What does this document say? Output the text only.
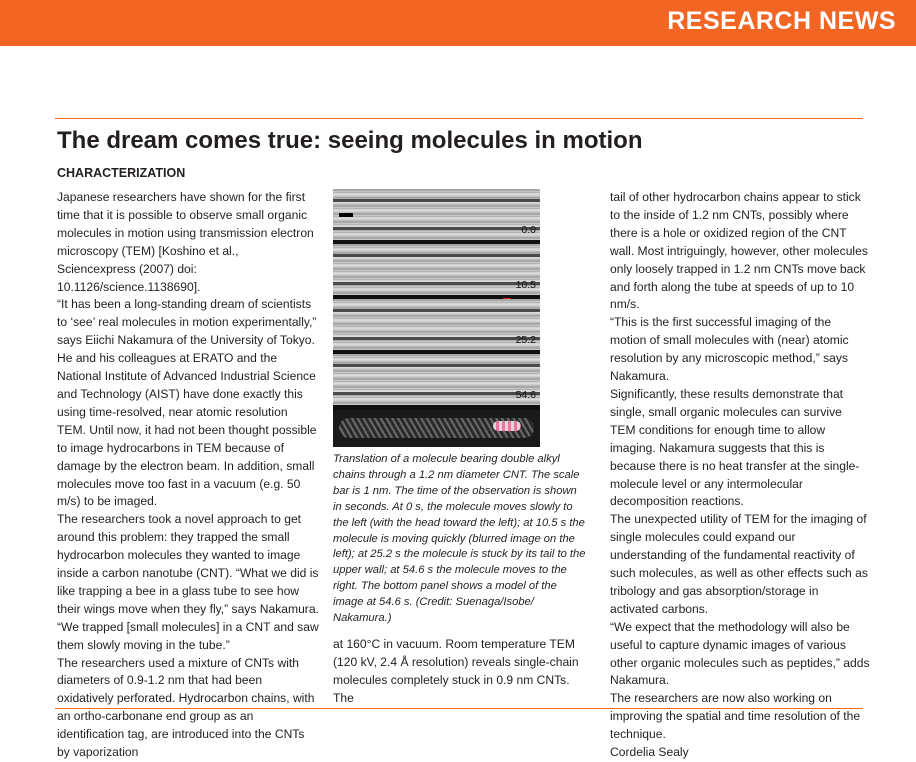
RESEARCH NEWS
The dream comes true: seeing molecules in motion
CHARACTERIZATION

Japanese researchers have shown for the first time that it is possible to observe small organic molecules in motion using transmission electron microscopy (TEM) [Koshino et al., Sciencexpress (2007) doi: 10.1126/science.1138690].

“It has been a long-standing dream of scientists to ‘see’ real molecules in motion experimentally,” says Eiichi Nakamura of the University of Tokyo. He and his colleagues at ERATO and the National Institute of Advanced Industrial Science and Technology (AIST) have done exactly this using time-resolved, near atomic resolution TEM. Until now, it had not been thought possible to image hydrocarbons in TEM because of damage by the electron beam. In addition, small molecules move too fast in a vacuum (e.g. 50 m/s) to be imaged.

The researchers took a novel approach to get around this problem: they trapped the small hydrocarbon molecules they wanted to image inside a carbon nanotube (CNT). “What we did is like trapping a bee in a glass tube to see how their wings move when they fly,” says Nakamura. “We trapped [small molecules] in a CNT and saw them slowly moving in the tube.”

The researchers used a mixture of CNTs with diameters of 0.9-1.2 nm that had been oxidatively perforated. Hydrocarbon chains, with an ortho-carbonane end group as an identification tag, are introduced into the CNTs by vaporization

0.0
10.5
25.2
54.6

Translation of a molecule bearing double alkyl chains through a 1.2 nm diameter CNT. The scale bar is 1 nm. The time of the observation is shown in seconds. At 0 s, the molecule moves slowly to the left (with the head toward the left); at 10.5 s the molecule is moving quickly (blurred image on the left); at 25.2 s the molecule is stuck by its tail to the upper wall; at 54.6 s the molecule moves to the right. The bottom panel shows a model of the image at 54.6 s. (Credit: Suenaga/Isobe/ Nakamura.)

at 160°C in vacuum. Room temperature TEM (120 kV, 2.4 Å resolution) reveals single-chain molecules completely stuck in 0.9 nm CNTs. The

tail of other hydrocarbon chains appear to stick to the inside of 1.2 nm CNTs, possibly where there is a hole or oxidized region of the CNT wall. Most intriguingly, however, other molecules only loosely trapped in 1.2 nm CNTs move back and forth along the tube at speeds of up to 10 nm/s.

“This is the first successful imaging of the motion of small molecules with (near) atomic resolution by any microscopic method,” says Nakamura.

Significantly, these results demonstrate that single, small organic molecules can survive TEM conditions for enough time to allow imaging. Nakamura suggests that this is because there is no heat transfer at the single-molecule level or any intermolecular decomposition reactions.

The unexpected utility of TEM for the imaging of single molecules could expand our understanding of the fundamental reactivity of such molecules, as well as other effects such as tribology and gas absorption/storage in activated carbons.

“We expect that the methodology will also be useful to capture dynamic images of various other organic molecules such as peptides,” adds Nakamura.

The researchers are now also working on improving the spatial and time resolution of the technique.

Cordelia Sealy
